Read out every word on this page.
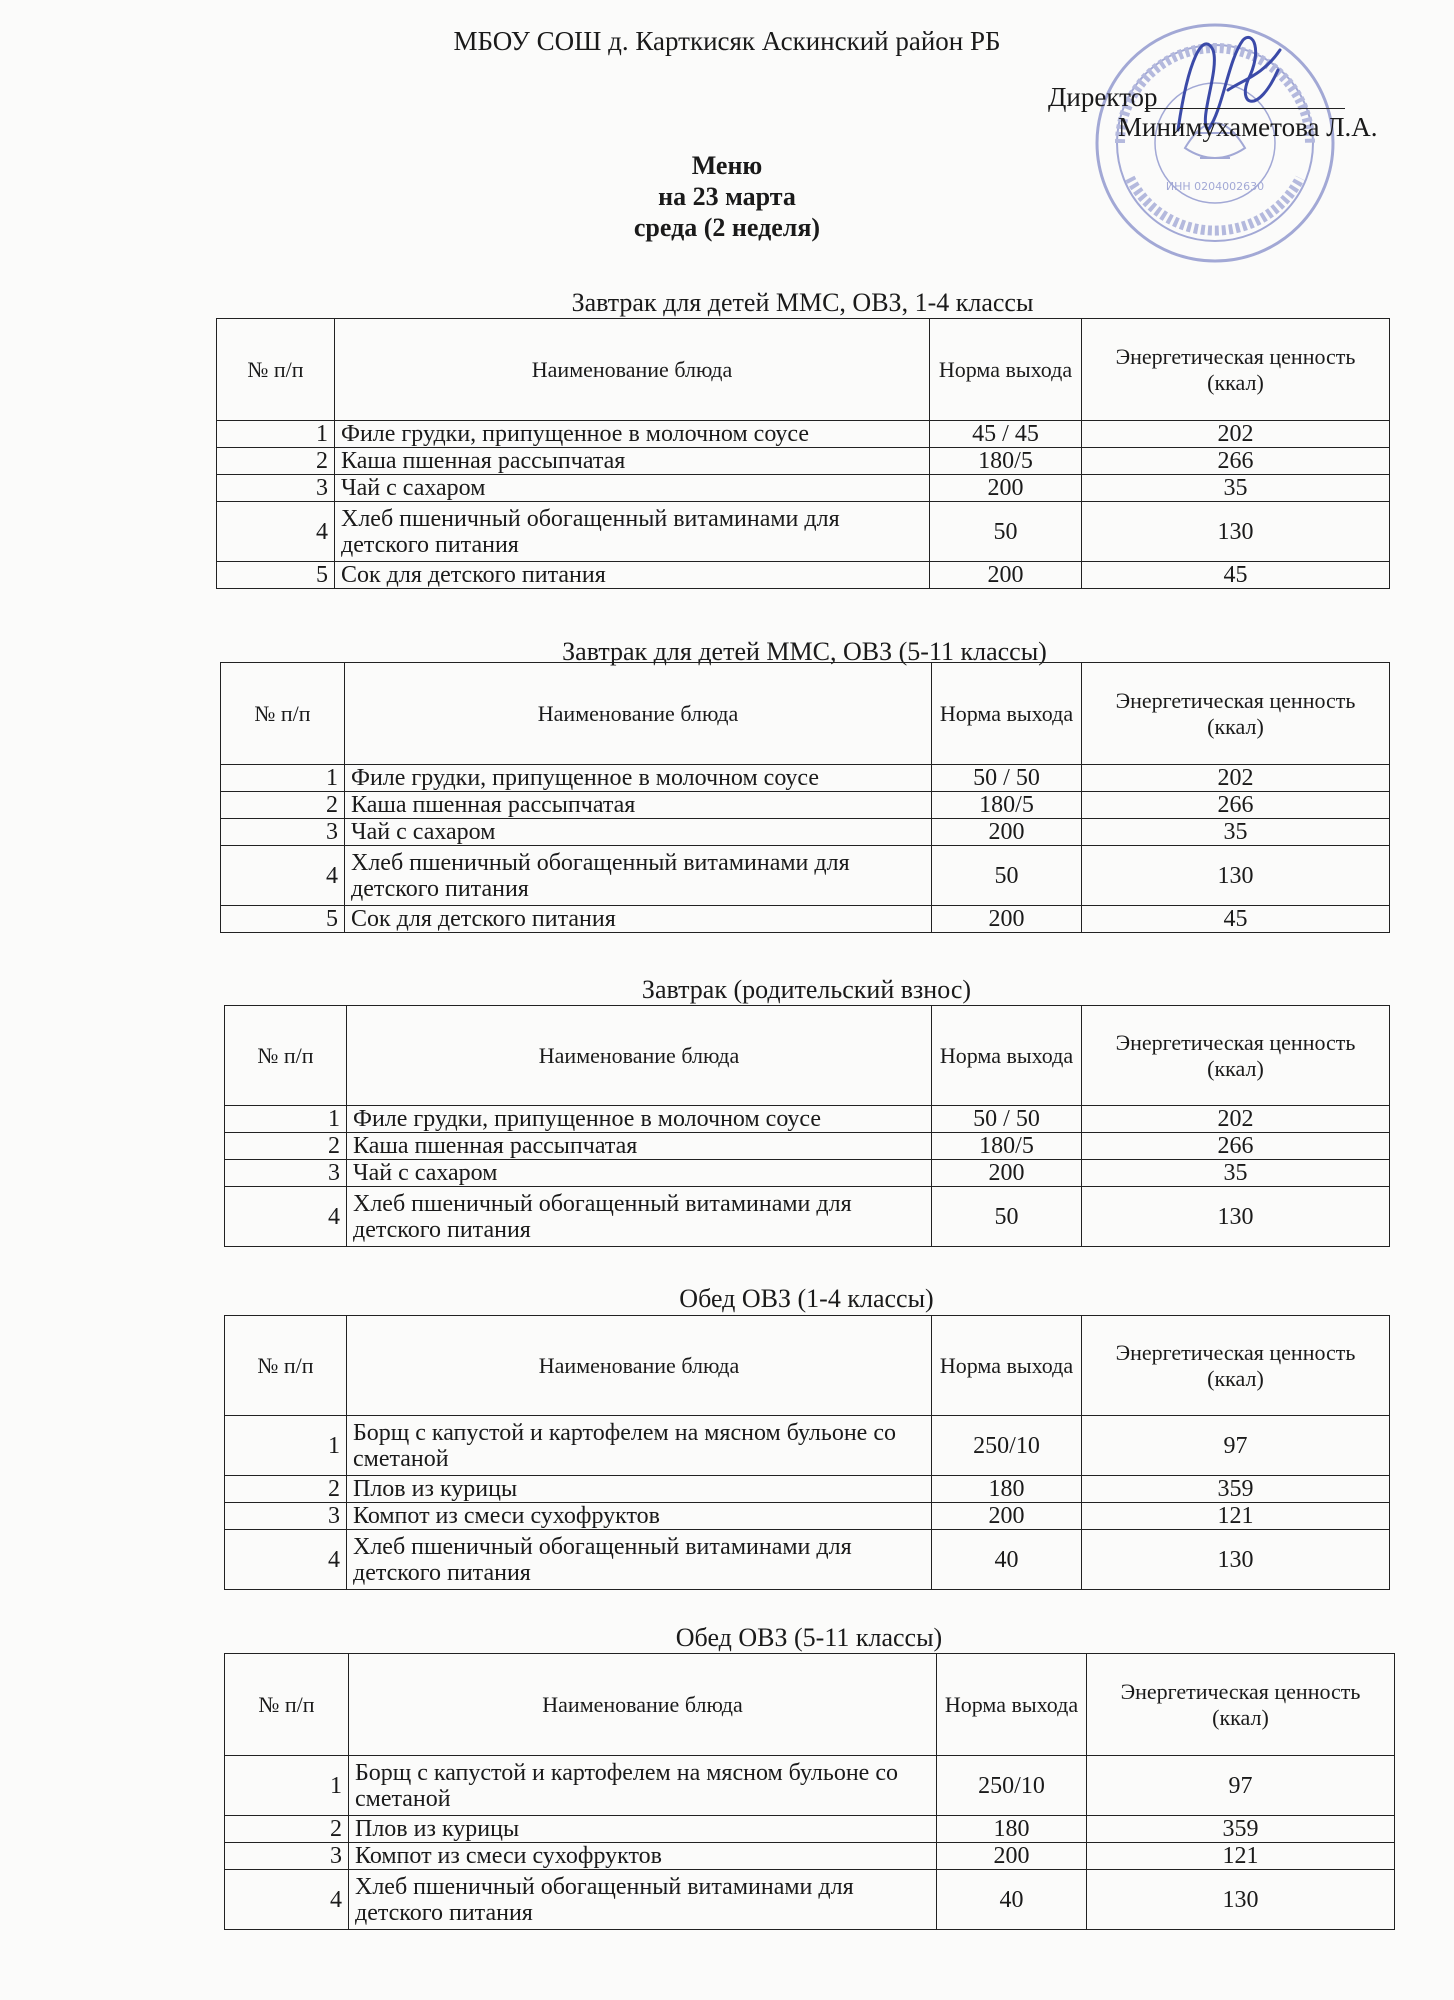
МБОУ СОШ д. Карткисяк Аскинский район РБ
ИНН 0204002630
Директор
Минимухаметова Л.А.
Меню
на 23 марта
среда (2 неделя)
Завтрак для детей ММС, ОВЗ, 1-4 классы
№ п/п	Наименование блюда	Норма выхода	Энергетическая ценность (ккал)
1	Филе грудки, припущенное в молочном соусе	45 / 45	202
2	Каша пшенная рассыпчатая	180/5	266
3	Чай с сахаром	200	35
4	Хлеб пшеничный обогащенный витаминами для детского питания	50	130
5	Сок для детского питания	200	45
Завтрак для детей ММС, ОВЗ (5-11 классы)
№ п/п	Наименование блюда	Норма выхода	Энергетическая ценность (ккал)
1	Филе грудки, припущенное в молочном соусе	50 / 50	202
2	Каша пшенная рассыпчатая	180/5	266
3	Чай с сахаром	200	35
4	Хлеб пшеничный обогащенный витаминами для детского питания	50	130
5	Сок для детского питания	200	45
Завтрак (родительский взнос)
№ п/п	Наименование блюда	Норма выхода	Энергетическая ценность (ккал)
1	Филе грудки, припущенное в молочном соусе	50 / 50	202
2	Каша пшенная рассыпчатая	180/5	266
3	Чай с сахаром	200	35
4	Хлеб пшеничный обогащенный витаминами для детского питания	50	130
Обед ОВЗ (1-4 классы)
№ п/п	Наименование блюда	Норма выхода	Энергетическая ценность (ккал)
1	Борщ с капустой и картофелем на мясном бульоне со сметаной	250/10	97
2	Плов из курицы	180	359
3	Компот из смеси сухофруктов	200	121
4	Хлеб пшеничный обогащенный витаминами для детского питания	40	130
Обед ОВЗ (5-11 классы)
№ п/п	Наименование блюда	Норма выхода	Энергетическая ценность (ккал)
1	Борщ с капустой и картофелем на мясном бульоне со сметаной	250/10	97
2	Плов из курицы	180	359
3	Компот из смеси сухофруктов	200	121
4	Хлеб пшеничный обогащенный витаминами для детского питания	40	130
